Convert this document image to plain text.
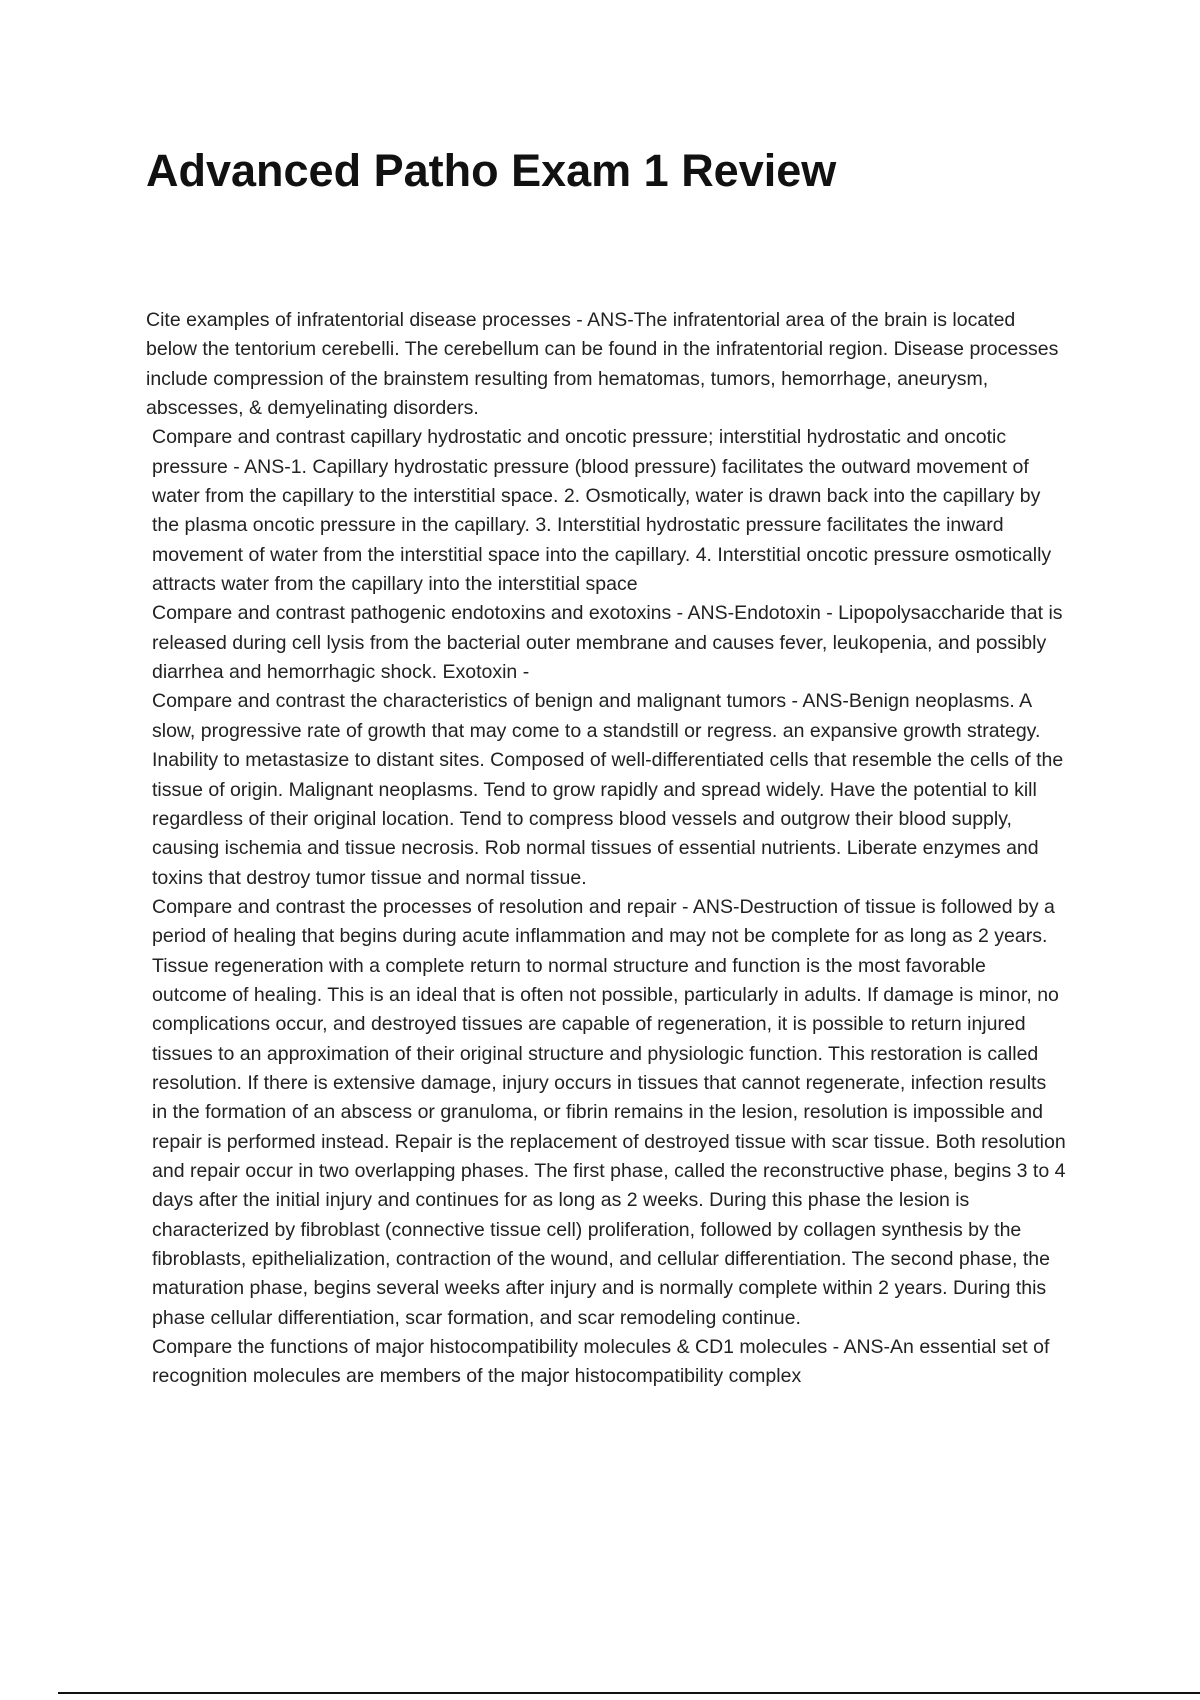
Advanced Patho Exam 1 Review

Cite examples of infratentorial disease processes - ANS-The infratentorial area of the brain is located below the tentorium cerebelli. The cerebellum can be found in the infratentorial region. Disease processes include compression of the brainstem resulting from hematomas, tumors, hemorrhage, aneurysm, abscesses, & demyelinating disorders.

Compare and contrast capillary hydrostatic and oncotic pressure; interstitial hydrostatic and oncotic pressure - ANS-1. Capillary hydrostatic pressure (blood pressure) facilitates the outward movement of water from the capillary to the interstitial space. 2. Osmotically, water is drawn back into the capillary by the plasma oncotic pressure in the capillary. 3. Interstitial hydrostatic pressure facilitates the inward movement of water from the interstitial space into the capillary. 4. Interstitial oncotic pressure osmotically attracts water from the capillary into the interstitial space

Compare and contrast pathogenic endotoxins and exotoxins - ANS-Endotoxin - Lipopolysaccharide that is released during cell lysis from the bacterial outer membrane and causes fever, leukopenia, and possibly diarrhea and hemorrhagic shock. Exotoxin -

Compare and contrast the characteristics of benign and malignant tumors - ANS-Benign neoplasms. A slow, progressive rate of growth that may come to a standstill or regress. an expansive growth strategy. Inability to metastasize to distant sites. Composed of well-differentiated cells that resemble the cells of the tissue of origin. Malignant neoplasms. Tend to grow rapidly and spread widely. Have the potential to kill regardless of their original location. Tend to compress blood vessels and outgrow their blood supply, causing ischemia and tissue necrosis. Rob normal tissues of essential nutrients. Liberate enzymes and toxins that destroy tumor tissue and normal tissue.

Compare and contrast the processes of resolution and repair - ANS-Destruction of tissue is followed by a period of healing that begins during acute inflammation and may not be complete for as long as 2 years. Tissue regeneration with a complete return to normal structure and function is the most favorable outcome of healing. This is an ideal that is often not possible, particularly in adults. If damage is minor, no complications occur, and destroyed tissues are capable of regeneration, it is possible to return injured tissues to an approximation of their original structure and physiologic function. This restoration is called resolution. If there is extensive damage, injury occurs in tissues that cannot regenerate, infection results in the formation of an abscess or granuloma, or fibrin remains in the lesion, resolution is impossible and repair is performed instead. Repair is the replacement of destroyed tissue with scar tissue. Both resolution and repair occur in two overlapping phases. The first phase, called the reconstructive phase, begins 3 to 4 days after the initial injury and continues for as long as 2 weeks. During this phase the lesion is characterized by fibroblast (connective tissue cell) proliferation, followed by collagen synthesis by the fibroblasts, epithelialization, contraction of the wound, and cellular differentiation. The second phase, the maturation phase, begins several weeks after injury and is normally complete within 2 years. During this phase cellular differentiation, scar formation, and scar remodeling continue.

Compare the functions of major histocompatibility molecules & CD1 molecules - ANS-An essential set of recognition molecules are members of the major histocompatibility complex
